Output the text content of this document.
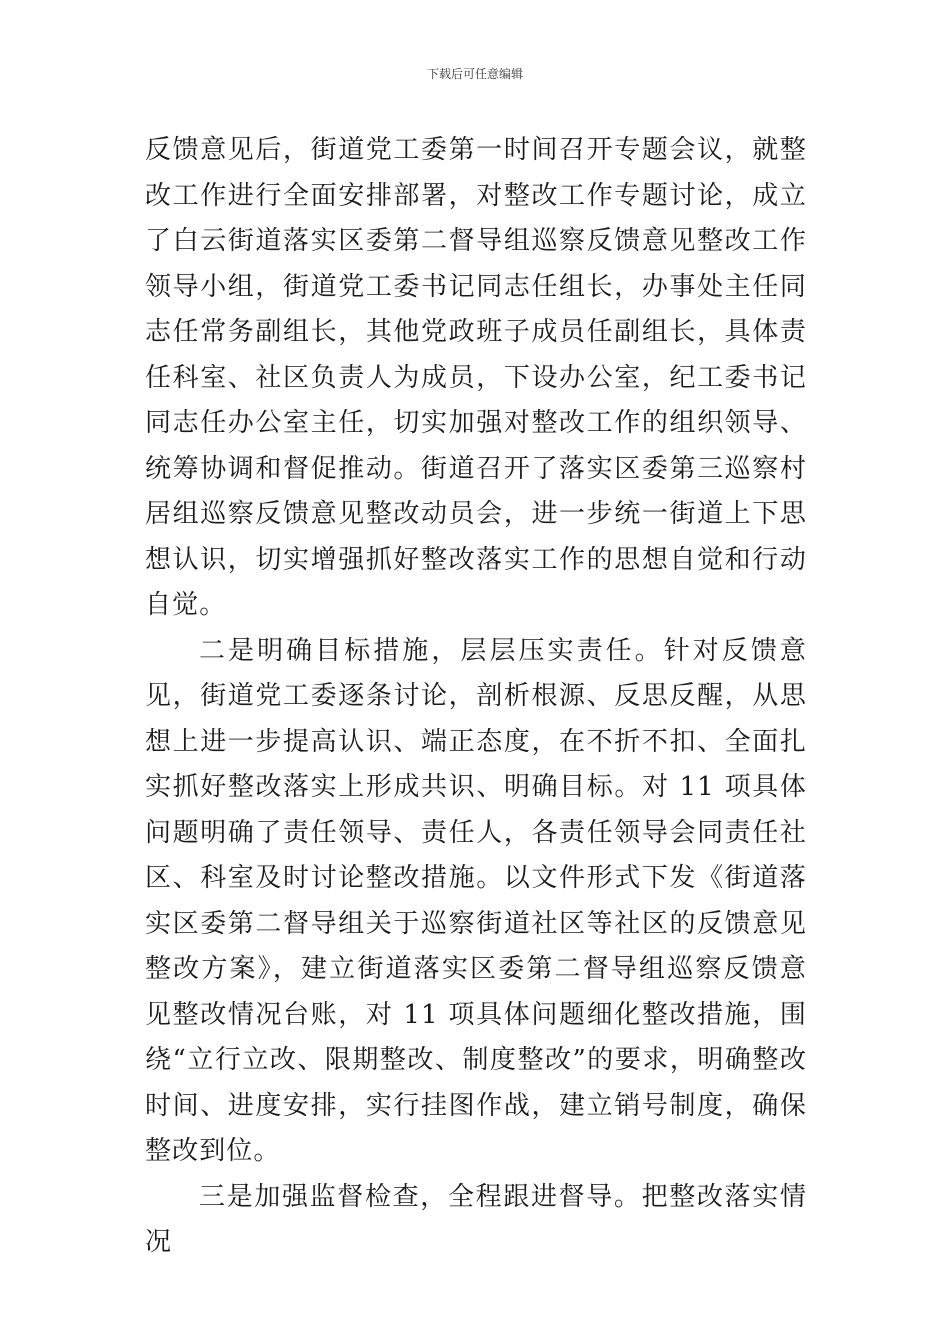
下载后可任意编辑

反馈意见后，街道党工委第一时间召开专题会议，就整改工作进行全面安排部署，对整改工作专题讨论，成立了白云街道落实区委第二督导组巡察反馈意见整改工作领导小组，街道党工委书记同志任组长，办事处主任同志任常务副组长，其他党政班子成员任副组长，具体责任科室、社区负责人为成员，下设办公室，纪工委书记同志任办公室主任，切实加强对整改工作的组织领导、统筹协调和督促推动。街道召开了落实区委第三巡察村居组巡察反馈意见整改动员会，进一步统一街道上下思想认识，切实增强抓好整改落实工作的思想自觉和行动自觉。

二是明确目标措施，层层压实责任。针对反馈意见，街道党工委逐条讨论，剖析根源、反思反醒，从思想上进一步提高认识、端正态度，在不折不扣、全面扎实抓好整改落实上形成共识、明确目标。对 11 项具体问题明确了责任领导、责任人，各责任领导会同责任社区、科室及时讨论整改措施。以文件形式下发《街道落实区委第二督导组关于巡察街道社区等社区的反馈意见整改方案》，建立街道落实区委第二督导组巡察反馈意见整改情况台账，对 11 项具体问题细化整改措施，围绕“立行立改、限期整改、制度整改”的要求，明确整改时间、进度安排，实行挂图作战，建立销号制度，确保整改到位。

三是加强监督检查，全程跟进督导。把整改落实情况
